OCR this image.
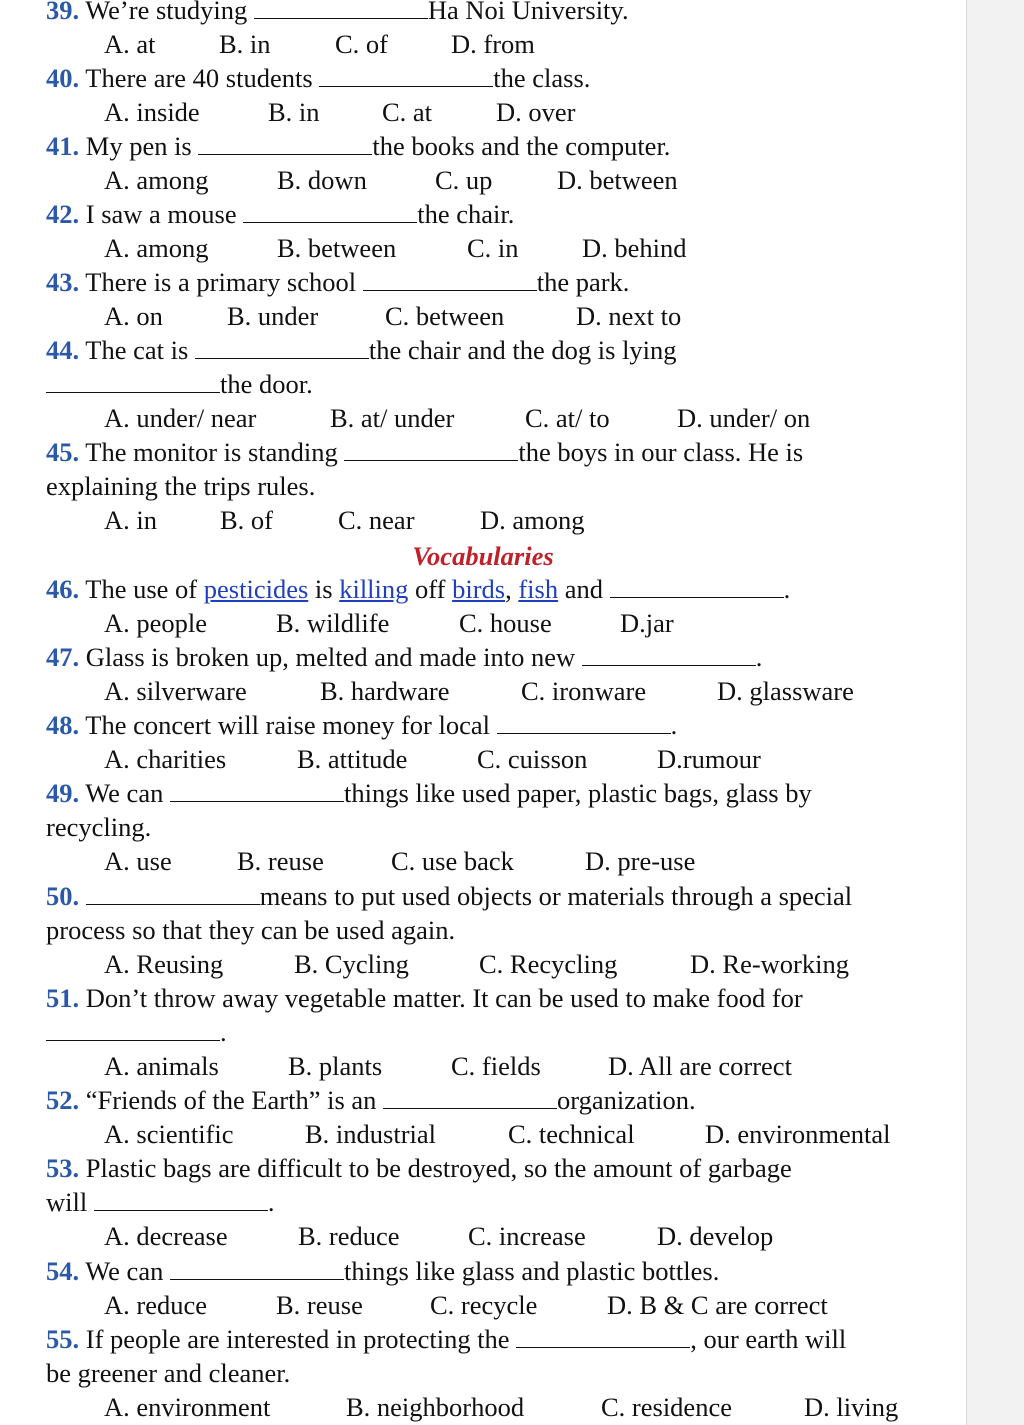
39. We’re studying	Ha Noi University.
A. at B. in C. of D. from
40. There are 40 students	the class.
A. inside	B. in C. at D. over
41. My pen is	the books and the computer.
A. among	B. down	C. up D. between
42. I saw a mouse	the chair.
A. among	B. between	C. in D. behind
43. There is a primary school	the park.
A. on B. under	C. between	D. next to
44. The cat is	the chair and the dog is lying
the door.
A. under/ near	B. at/ under	C. at/ to	D. under/ on
45. The monitor is standing	the boys in our class. He is
explaining the trips rules.
A. in B. of C. near D. among
Vocabularies
46. The use of pesticides is killing off birds, fish and	.
A. people	B. wildlife	C. house	D.jar
47. Glass is broken up, melted and made into new	.
A. silverware	B. hardware	C. ironware	D. glassware
48. The concert will raise money for local	.
A. charities	B. attitude	C. cuisson	D.rumour
49. We can	things like used paper, plastic bags, glass by
recycling.
A. use B. reuse	C. use back	D. pre-use
50.	means to put used objects or materials through a special
process so that they can be used again.
A. Reusing	B. Cycling	C. Recycling	D. Re-working
51. Don’t throw away vegetable matter. It can be used to make food for
.
A. animals	B. plants	C. fields	D. All are correct
52. “Friends of the Earth” is an	organization.
A. scientific	B. industrial	C. technical	D. environmental
53. Plastic bags are difficult to be destroyed, so the amount of garbage
will	.
A. decrease	B. reduce	C. increase	D. develop
54. We can	things like glass and plastic bottles.
A. reduce	B. reuse	C. recycle	D. B & C are correct
55. If people are interested in protecting the	, our earth will
be greener and cleaner.
A. environment	B. neighborhood	C. residence	D. living
